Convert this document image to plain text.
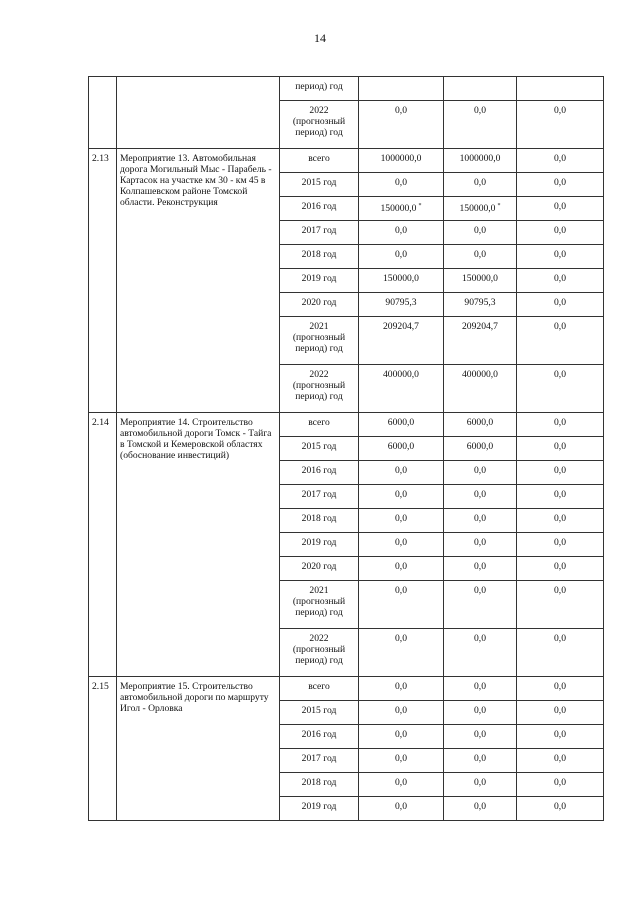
14
		период) год			
		2022 (прогнозный период) год	0,0	0,0	0,0
2.13	Мероприятие 13. Автомобильная дорога Могильный Мыс - Парабель - Картасок на участке км 30 - км 45 в Колпашевском районе Томской области. Реконструкция	всего	1000000,0	1000000,0	0,0
		2015 год	0,0	0,0	0,0
		2016 год	150000,0 *	150000,0 *	0,0
		2017 год	0,0	0,0	0,0
		2018 год	0,0	0,0	0,0
		2019 год	150000,0	150000,0	0,0
		2020 год	90795,3	90795,3	0,0
		2021 (прогнозный период) год	209204,7	209204,7	0,0
		2022 (прогнозный период) год	400000,0	400000,0	0,0
2.14	Мероприятие 14. Строительство автомобильной дороги Томск - Тайга в Томской и Кемеровской областях (обоснование инвестиций)	всего	6000,0	6000,0	0,0
		2015 год	6000,0	6000,0	0,0
		2016 год	0,0	0,0	0,0
		2017 год	0,0	0,0	0,0
		2018 год	0,0	0,0	0,0
		2019 год	0,0	0,0	0,0
		2020 год	0,0	0,0	0,0
		2021 (прогнозный период) год	0,0	0,0	0,0
		2022 (прогнозный период) год	0,0	0,0	0,0
2.15	Мероприятие 15. Строительство автомобильной дороги по маршруту Игол - Орловка	всего	0,0	0,0	0,0
		2015 год	0,0	0,0	0,0
		2016 год	0,0	0,0	0,0
		2017 год	0,0	0,0	0,0
		2018 год	0,0	0,0	0,0
		2019 год	0,0	0,0	0,0
